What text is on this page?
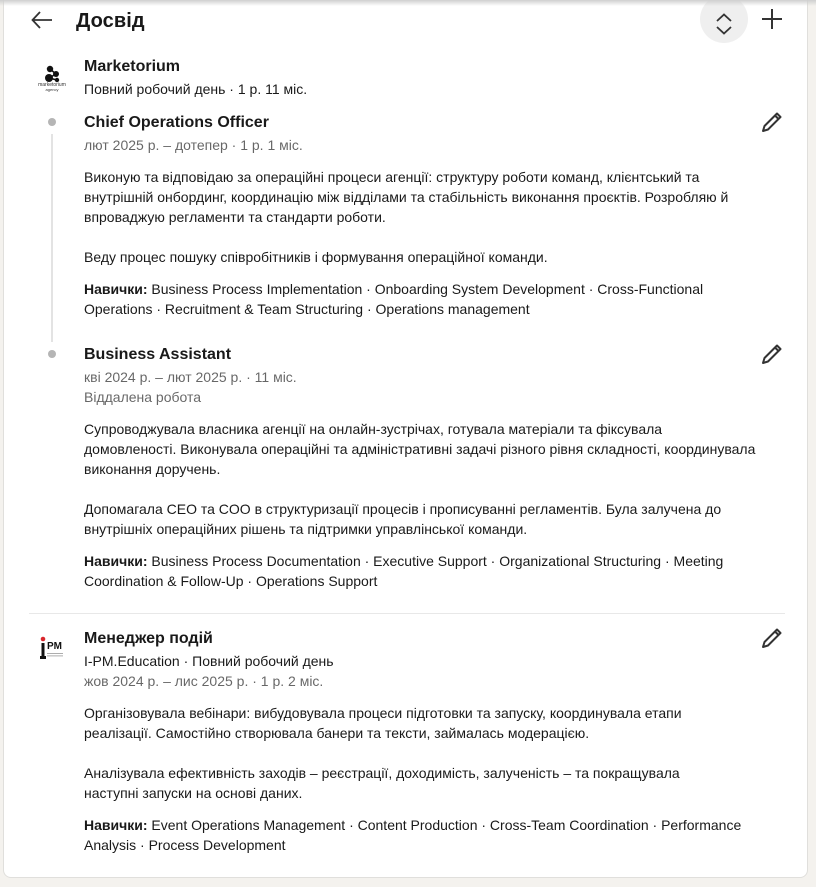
Досвід
marketorium
agency
Marketorium
Повний робочий день · 1 р. 11 міс.
Chief Operations Officer
лют 2025 р. – дотепер · 1 р. 1 міс.

Виконую та відповідаю за операційні процеси агенції: структуру роботи команд, клієнтський та внутрішній онбординг, координацію між відділами та стабільність виконання проєктів. Розробляю й впроваджую регламенти та стандарти роботи.

Веду процес пошуку співробітників і формування операційної команди.

Навички: Business Process Implementation · Onboarding System Development · Cross-Functional Operations · Recruitment & Team Structuring · Operations management
Business Assistant
кві 2024 р. – лют 2025 р. · 11 міс.
Віддалена робота

Супроводжувала власника агенції на онлайн-зустрічах, готувала матеріали та фіксувала домовленості. Виконувала операційні та адміністративні задачі різного рівня складності, координувала виконання доручень.

Допомагала CEO та COO в структуризації процесів і прописуванні регламентів. Була залучена до внутрішніх операційних рішень та підтримки управлінської команди.

Навички: Business Process Documentation · Executive Support · Organizational Structuring · Meeting Coordination & Follow-Up · Operations Support
PM Менеджер подій
I-PM.Education · Повний робочий день
жов 2024 р. – лис 2025 р. · 1 р. 2 міс.

Організовувала вебінари: вибудовувала процеси підготовки та запуску, координувала етапи реалізації. Самостійно створювала банери та тексти, займалась модерацією.

Аналізувала ефективність заходів – реєстрації, доходимість, залученість – та покращувала наступні запуски на основі даних.

Навички: Event Operations Management · Content Production · Cross-Team Coordination · Performance Analysis · Process Development
